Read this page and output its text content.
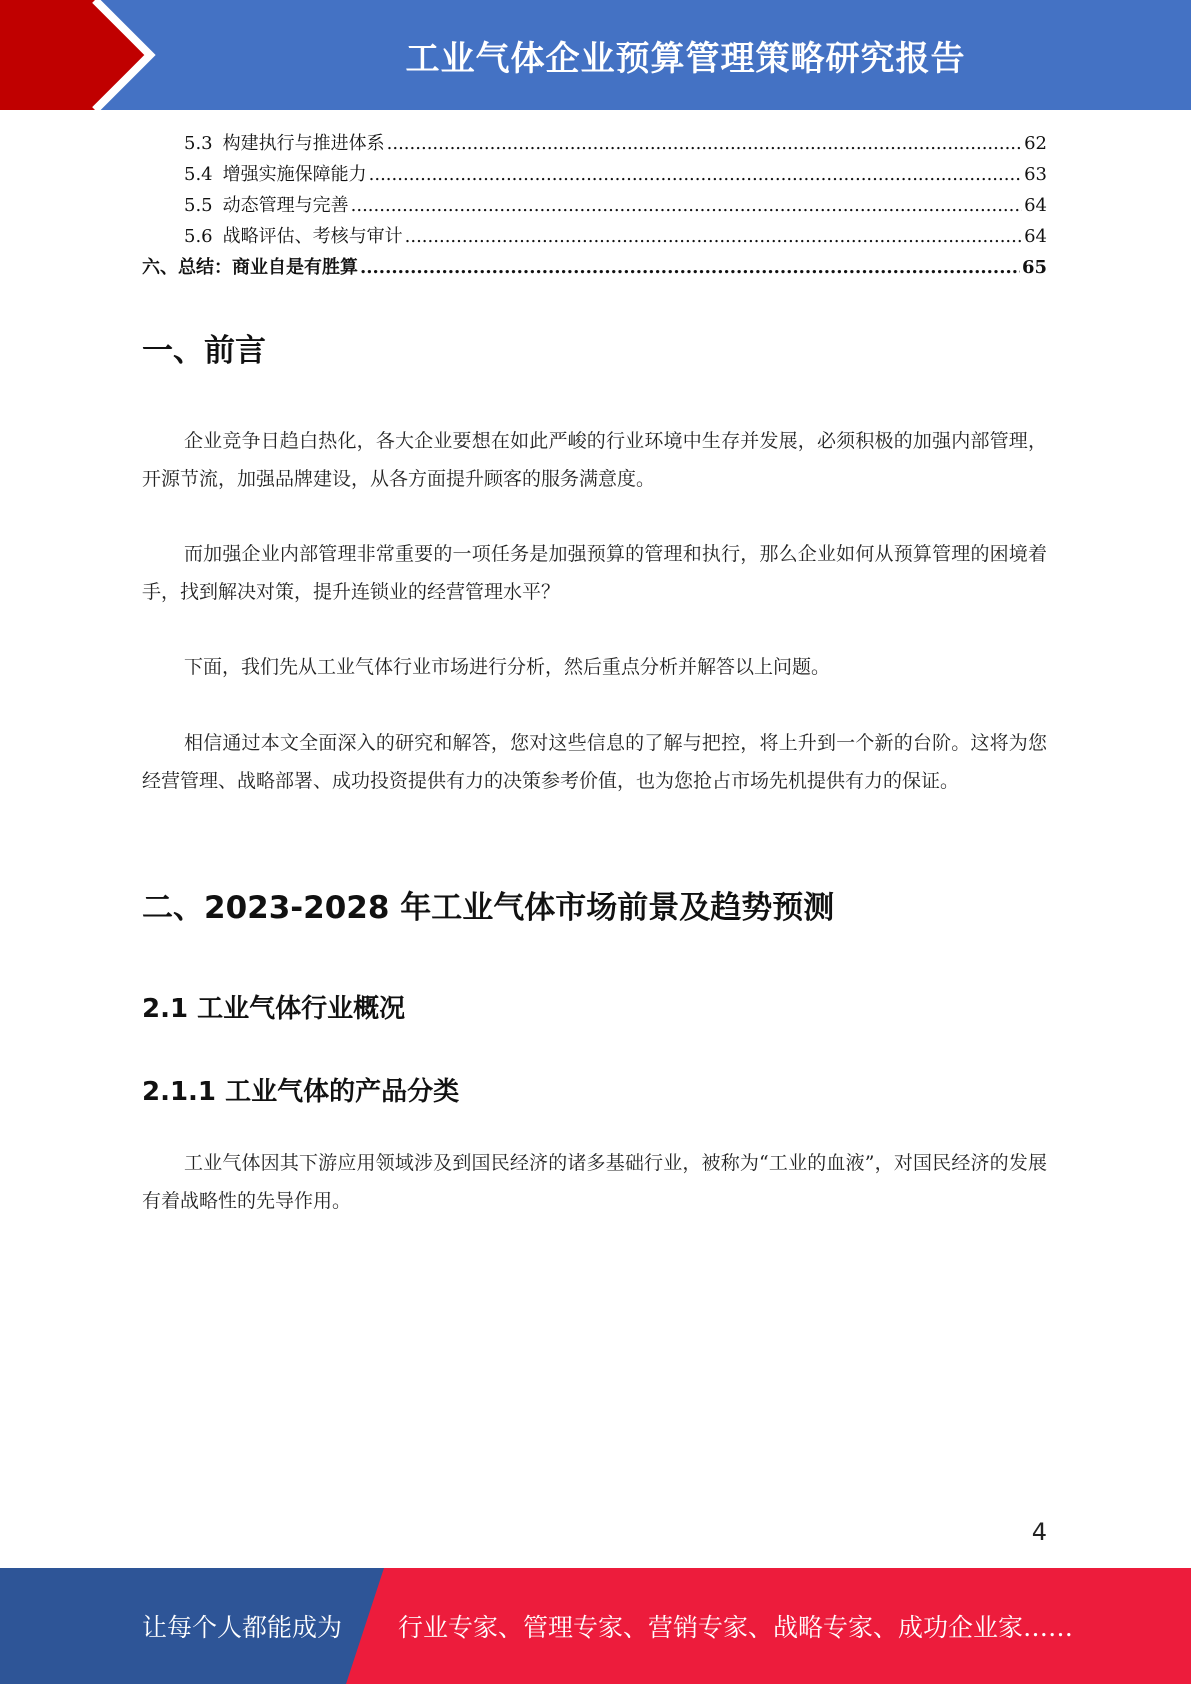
工业气体企业预算管理策略研究报告
5.3 构建执行与推进体系 .....	62
5.4 增强实施保障能力 .....	63
5.5 动态管理与完善 .....	64
5.6 战略评估、考核与审计 .....	64
六、总结：商业自是有胜算 .....	65
一、前言

企业竞争日趋白热化，各大企业要想在如此严峻的行业环境中生存并发展，必须积极的加强内部管理，开源节流，加强品牌建设，从各方面提升顾客的服务满意度。

而加强企业内部管理非常重要的一项任务是加强预算的管理和执行，那么企业如何从预算管理的困境着手，找到解决对策，提升连锁业的经营管理水平？

下面，我们先从工业气体行业市场进行分析，然后重点分析并解答以上问题。

相信通过本文全面深入的研究和解答，您对这些信息的了解与把控，将上升到一个新的台阶。这将为您经营管理、战略部署、成功投资提供有力的决策参考价值，也为您抢占市场先机提供有力的保证。

二、2023-2028 年工业气体市场前景及趋势预测
2.1 工业气体行业概况
2.1.1 工业气体的产品分类

工业气体因其下游应用领域涉及到国民经济的诸多基础行业，被称为“工业的血液”，对国民经济的发展有着战略性的先导作用。

4
让每个人都能成为 行业专家、管理专家、营销专家、战略专家、成功企业家……
